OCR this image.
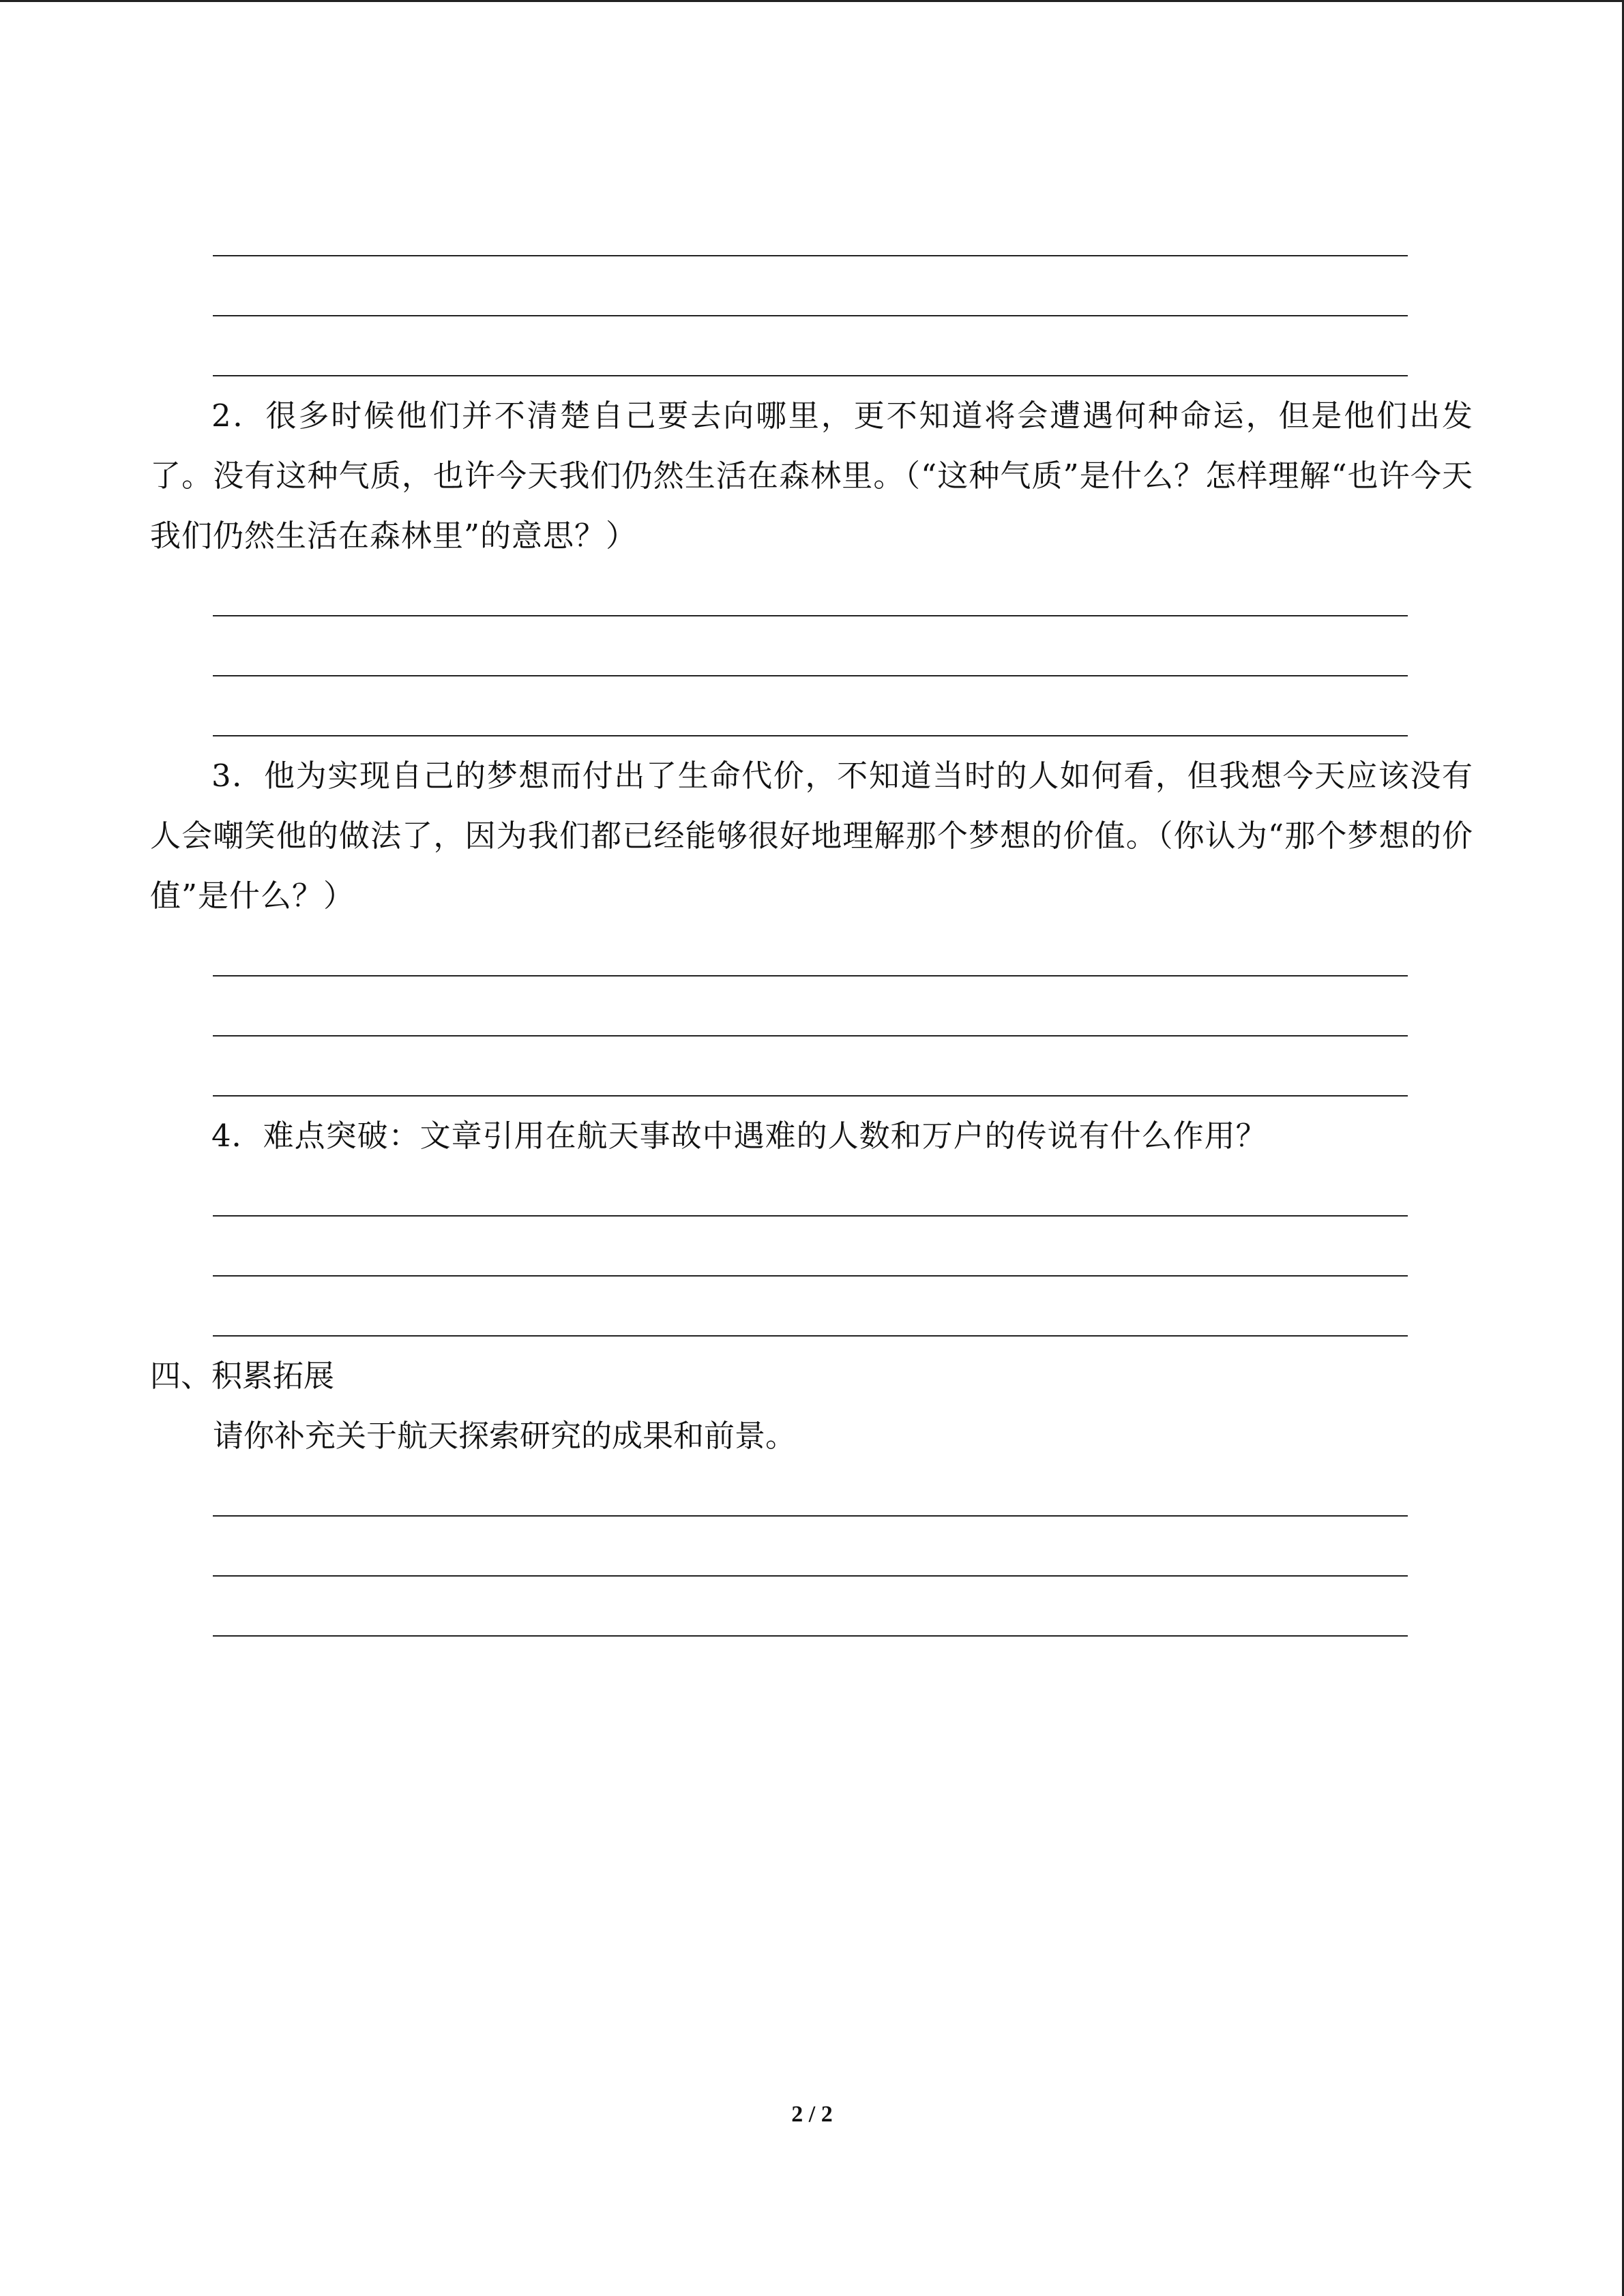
2．很多时候他们并不清楚自己要去向哪里，更不知道将会遭遇何种命运，但是他们出发了。没有这种气质，也许今天我们仍然生活在森林里。（“这种气质”是什么？怎样理解“也许今天我们仍然生活在森林里”的意思？）

3．他为实现自己的梦想而付出了生命代价，不知道当时的人如何看，但我想今天应该没有人会嘲笑他的做法了，因为我们都已经能够很好地理解那个梦想的价值。（你认为“那个梦想的价值”是什么？）

4．难点突破：文章引用在航天事故中遇难的人数和万户的传说有什么作用？

四、积累拓展

请你补充关于航天探索研究的成果和前景。

2 / 2
